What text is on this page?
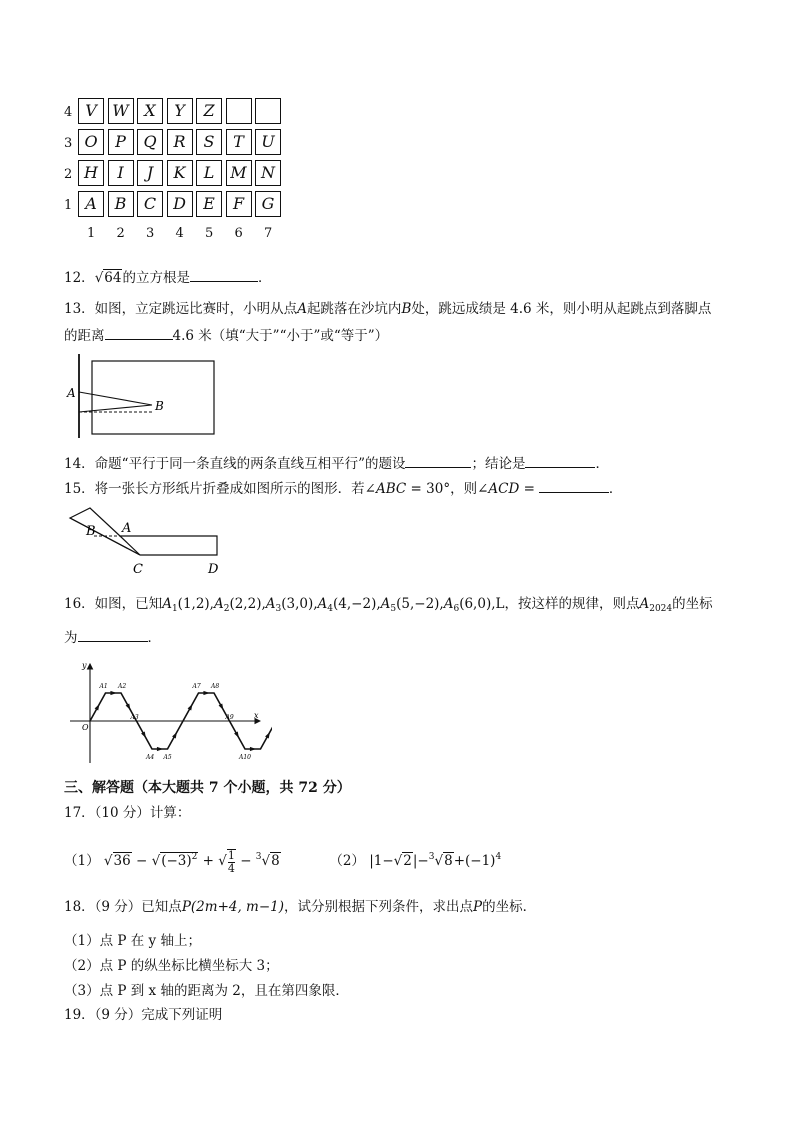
4 V W X	Y	Z
3 O	P	Q	R	S	T	U
2 H	I	J	K	L M N
1 A	B	C	D	E	F	G
1 2 3 4 5 6 7
12．√64的立方根是	．
13．如图，立定跳远比赛时，小明从点A起跳落在沙坑内B处，跳远成绩是 4.6 米，则小明从起跳点到落脚点
的距离	4.6 米（填“大于”“小于”或“等于”）
A
B
14．命题“平行于同一条直线的两条直线互相平行”的题设	；结论是	．
15．将一张长方形纸片折叠成如图所示的图形．若∠ABC = 30°，则∠ACD =	．
B A
C	D
16．如图，已知$A_1(1,2),A_2(2,2),A_3(3,0),A_4(4,-2),A_5(5,-2),A_6(6,0),L$，按这样的规律，则点$A_{2024}$的坐标
为	．
y
x
O
A1 A2
A3
A4 A5
A7 A8
A9
A10
三、解答题（本大题共 7 个小题，共 72 分）
17．（10 分）计算：
（1） $√36 - √(-3)^2$ + √ $\frac{1}{4} - ^3√8$	（2） $|1-√2|-^3√8+(-1)^4$
18．（9 分）已知点P(2m+4, m−1)，试分别根据下列条件，求出点P的坐标．
（1）点 P 在 y 轴上；
（2）点 P 的纵坐标比横坐标大 3；
（3）点 P 到 x 轴的距离为 2，且在第四象限．
19．（9 分）完成下列证明
